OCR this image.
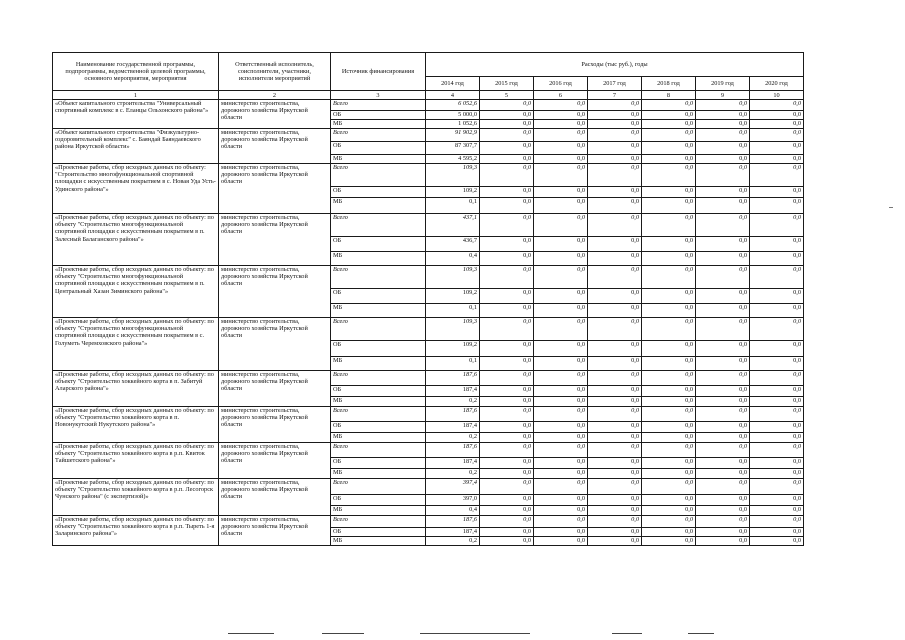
Наименование государственной программы, подпрограммы, ведомственной целевой программы, основного мероприятия, мероприятия	Ответственный исполнитель, соисполнители, участники, исполнители мероприятий	Источник финансирования	Расходы (тыс руб.), годы						
			2014 год	2015 год	2016 год	2017 год	2018 год	2019 год	2020 год
1	2	3	4	5	6	7	8	9	10
«Объект капитального строительства "Универсальный спортивный комплекс в с. Еланцы Ольхонского района"»	министерство строительства, дорожного хозяйства Иркутской области	Всего	6 052,6	0,0	0,0	0,0	0,0	0,0	0,0
		ОБ	5 000,0	0,0	0,0	0,0	0,0	0,0	0,0
		МБ	1 052,6	0,0	0,0	0,0	0,0	0,0	0,0
«Объект капитального строительства "Физкультурно-оздоровительный комплекс" с. Баяндай Баяндаевского района Иркутской области»	министерство строительства, дорожного хозяйства Иркутской области	Всего	91 902,9	0,0	0,0	0,0	0,0	0,0	0,0
		ОБ	87 307,7	0,0	0,0	0,0	0,0	0,0	0,0
		МБ	4 595,2	0,0	0,0	0,0	0,0	0,0	0,0
«Проектные работы, сбор исходных данных по объекту: "Строительство многофункциональной спортивной площадки с искусственным покрытием в с. Новая Уда Усть-Удинского района"»	министерство строительства, дорожного хозяйства Иркутской области	Всего	109,3	0,0	0,0	0,0	0,0	0,0	0,0
		ОБ	109,2	0,0	0,0	0,0	0,0	0,0	0,0
		МБ	0,1	0,0	0,0	0,0	0,0	0,0	0,0
«Проектные работы, сбор исходных данных по объекту: по объекту "Строительство многофункциональной спортивной площадки с искусственным покрытием в п. Залесный Балаганского района"»	министерство строительства, дорожного хозяйства Иркутской области	Всего	437,1	0,0	0,0	0,0	0,0	0,0	0,0
		ОБ	436,7	0,0	0,0	0,0	0,0	0,0	0,0
		МБ	0,4	0,0	0,0	0,0	0,0	0,0	0,0
«Проектные работы, сбор исходных данных по объекту: по объекту "Строительство многофункциональной спортивной площадки с искусственным покрытием в п. Центральный Хазан Зиминского района"»	министерство строительства, дорожного хозяйства Иркутской области	Всего	109,3	0,0	0,0	0,0	0,0	0,0	0,0
		ОБ	109,2	0,0	0,0	0,0	0,0	0,0	0,0
		МБ	0,1	0,0	0,0	0,0	0,0	0,0	0,0
«Проектные работы, сбор исходных данных по объекту: по объекту "Строительство многофункциональной спортивной площадки с искусственным покрытием в с. Голуметь Черемховского района"»	министерство строительства, дорожного хозяйства Иркутской области	Всего	109,3	0,0	0,0	0,0	0,0	0,0	0,0
		ОБ	109,2	0,0	0,0	0,0	0,0	0,0	0,0
		МБ	0,1	0,0	0,0	0,0	0,0	0,0	0,0
«Проектные работы, сбор исходных данных по объекту: по объекту "Строительство хоккейного корта в п. Забитуй Аларского района"»	министерство строительства, дорожного хозяйства Иркутской области	Всего	187,6	0,0	0,0	0,0	0,0	0,0	0,0
		ОБ	187,4	0,0	0,0	0,0	0,0	0,0	0,0
		МБ	0,2	0,0	0,0	0,0	0,0	0,0	0,0
«Проектные работы, сбор исходных данных по объекту: по объекту "Строительство хоккейного корта в п. Новонукутский Нукутского района"»	министерство строительства, дорожного хозяйства Иркутской области	Всего	187,6	0,0	0,0	0,0	0,0	0,0	0,0
		ОБ	187,4	0,0	0,0	0,0	0,0	0,0	0,0
		МБ	0,2	0,0	0,0	0,0	0,0	0,0	0,0
«Проектные работы, сбор исходных данных по объекту: по объекту "Строительство хоккейного корта в р.п. Квиток Тайшетского района"»	министерство строительства, дорожного хозяйства Иркутской области	Всего	187,6	0,0	0,0	0,0	0,0	0,0	0,0
		ОБ	187,4	0,0	0,0	0,0	0,0	0,0	0,0
		МБ	0,2	0,0	0,0	0,0	0,0	0,0	0,0
«Проектные работы, сбор исходных данных по объекту: по объекту "Строительство хоккейного корта в р.п. Лесогорск Чунского района" (с экспертизой)»	министерство строительства, дорожного хозяйства Иркутской области	Всего	397,4	0,0	0,0	0,0	0,0	0,0	0,0
		ОБ	397,0	0,0	0,0	0,0	0,0	0,0	0,0
		МБ	0,4	0,0	0,0	0,0	0,0	0,0	0,0
«Проектные работы, сбор исходных данных по объекту: по объекту "Строительство хоккейного корта в р.п. Тыреть 1-я Заларинского района"»	министерство строительства, дорожного хозяйства Иркутской области	Всего	187,6	0,0	0,0	0,0	0,0	0,0	0,0
		ОБ	187,4	0,0	0,0	0,0	0,0	0,0	0,0
		МБ	0,2	0,0	0,0	0,0	0,0	0,0	0,0
